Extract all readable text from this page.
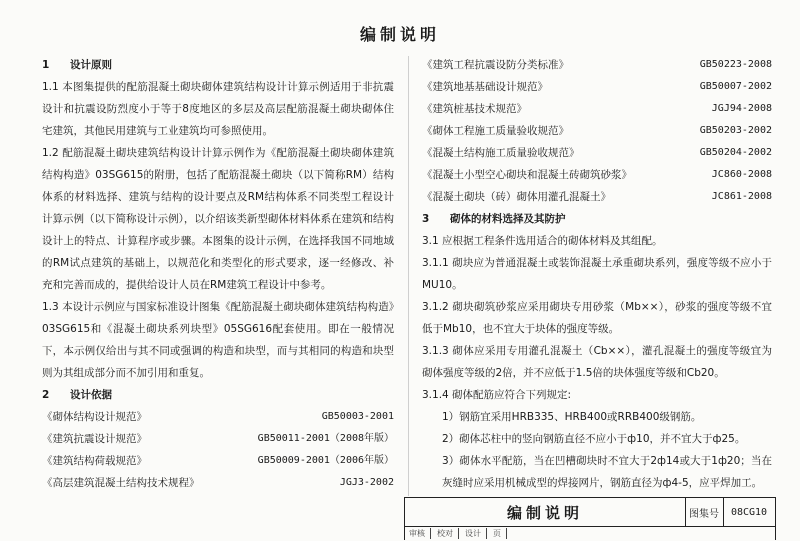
编制说明
1 设计原则
1.1 本图集提供的配筋混凝土砌块砌体建筑结构设计计算示例适用于非抗震设计和抗震设防烈度小于等于8度地区的多层及高层配筋混凝土砌块砌体住宅建筑，其他民用建筑与工业建筑均可参照使用。
1.2 配筋混凝土砌块建筑结构设计计算示例作为《配筋混凝土砌块砌体建筑结构构造》03SG615的附册，包括了配筋混凝土砌块（以下简称RM）结构体系的材料选择、建筑与结构的设计要点及RM结构体系不同类型工程设计计算示例（以下简称设计示例），以介绍该类新型砌体材料体系在建筑和结构设计上的特点、计算程序或步骤。本图集的设计示例，在选择我国不同地域的RM试点建筑的基础上，以规范化和类型化的形式要求，逐一经修改、补充和完善而成的，提供给设计人员在RM建筑工程设计中参考。
1.3 本设计示例应与国家标准设计图集《配筋混凝土砌块砌体建筑结构构造》03SG615和《混凝土砌块系列块型》05SG616配套使用。即在一般情况下，本示例仅给出与其不同或强调的构造和块型，而与其相同的构造和块型则为其组成部分而不加引用和重复。
2 设计依据
《砌体结构设计规范》	GB50003-2001
《建筑抗震设计规范》	GB50011-2001（2008年版）
《建筑结构荷载规范》	GB50009-2001（2006年版）
《高层建筑混凝土结构技术规程》	JGJ3-2002
《建筑工程抗震设防分类标准》	GB50223-2008
《建筑地基基础设计规范》	GB50007-2002
《建筑桩基技术规范》	JGJ94-2008
《砌体工程施工质量验收规范》	GB50203-2002
《混凝土结构施工质量验收规范》	GB50204-2002
《混凝土小型空心砌块和混凝土砖砌筑砂浆》	JC860-2008
《混凝土砌块（砖）砌体用灌孔混凝土》	JC861-2008
3 砌体的材料选择及其防护
3.1 应根据工程条件选用适合的砌体材料及其组配。
3.1.1 砌块应为普通混凝土或装饰混凝土承重砌块系列，强度等级不应小于MU10。
3.1.2 砌块砌筑砂浆应采用砌块专用砂浆（Mb××），砂浆的强度等级不宜低于Mb10，也不宜大于块体的强度等级。
3.1.3 砌体应采用专用灌孔混凝土（Cb××），灌孔混凝土的强度等级宜为砌体强度等级的2倍，并不应低于1.5倍的块体强度等级和Cb20。
3.1.4 砌体配筋应符合下列规定:
1）钢筋宜采用HRB335、HRB400或RRB400级钢筋。
2）砌体芯柱中的竖向钢筋直径不应小于ф10，并不宜大于ф25。
3）砌体水平配筋，当在凹槽砌块时不宜大于2ф14或大于1ф20；当在灰缝时应采用机械成型的焊接网片，钢筋直径为ф4-5，应平焊加工。
编制说明	图集号	08CG10
审核	校对	设计	页
